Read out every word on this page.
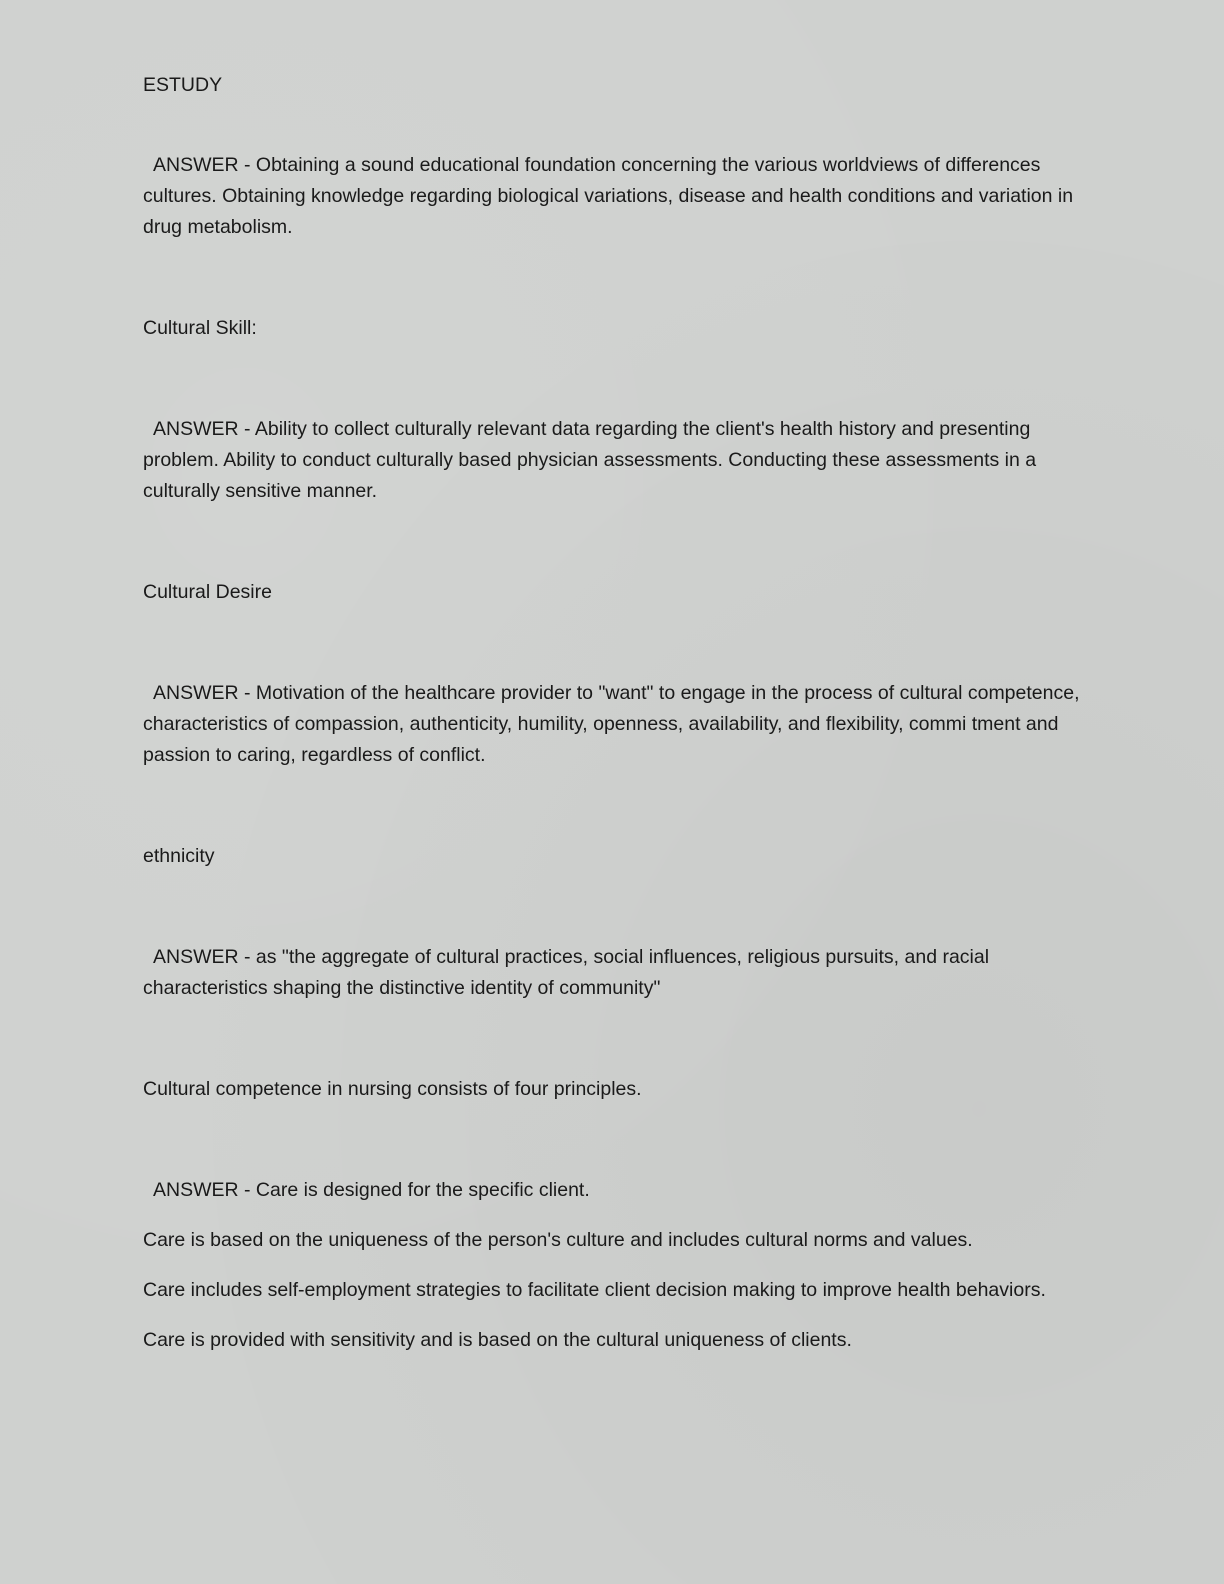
ESTUDY

ANSWER - Obtaining a sound educational foundation concerning the various worldviews of differences cultures. Obtaining knowledge regarding biological variations, disease and health conditions and variation in drug metabolism.

Cultural Skill:

ANSWER - Ability to collect culturally relevant data regarding the client's health history and presenting problem. Ability to conduct culturally based physician assessments. Conducting these assessments in a culturally sensitive manner.

Cultural Desire

ANSWER - Motivation of the healthcare provider to "want" to engage in the process of cultural competence, characteristics of compassion, authenticity, humility, openness, availability, and flexibility, commi tment and passion to caring, regardless of conflict.

ethnicity

ANSWER - as "the aggregate of cultural practices, social influences, religious pursuits, and racial characteristics shaping the distinctive identity of community"

Cultural competence in nursing consists of four principles.

ANSWER - Care is designed for the specific client.

Care is based on the uniqueness of the person's culture and includes cultural norms and values.

Care includes self-employment strategies to facilitate client decision making to improve health behaviors.

Care is provided with sensitivity and is based on the cultural uniqueness of clients.
